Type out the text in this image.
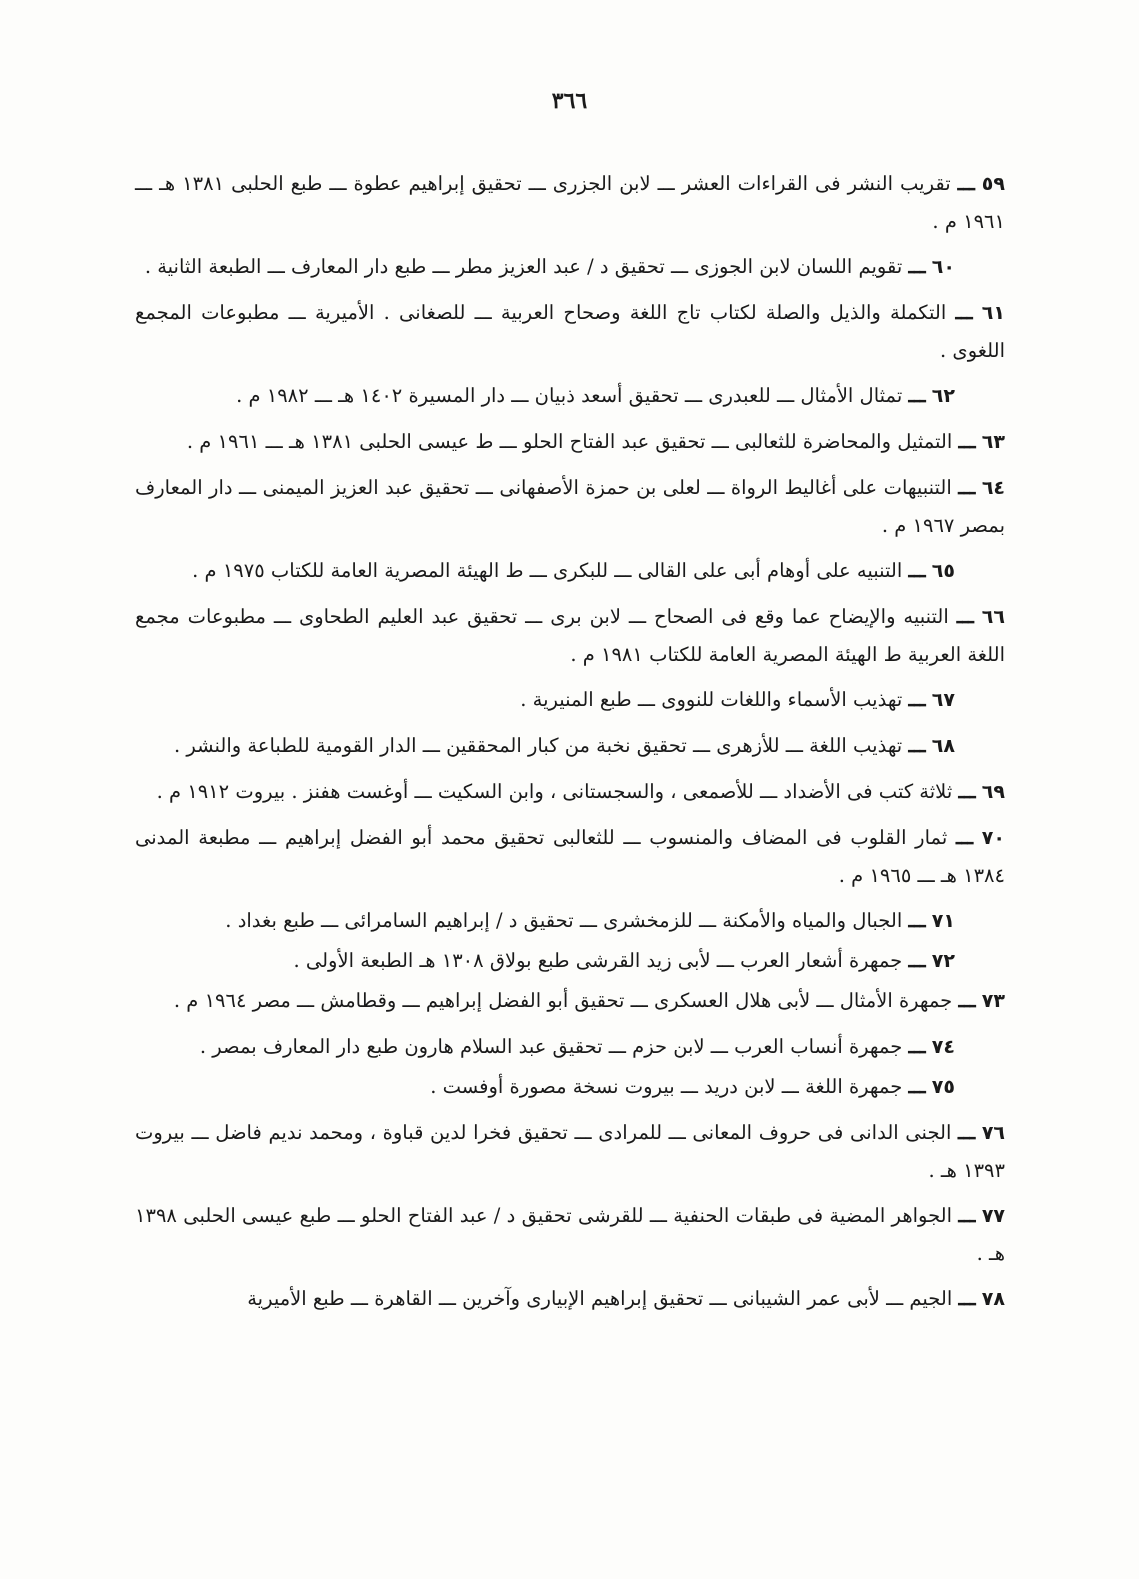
٣٦٦
٥٩ ـــ تقريب النشر فى القراءات العشر ـــ لابن الجزرى ـــ تحقيق إبراهيم عطوة ـــ طبع الحلبى ١٣٨١ هـ ـــ ١٩٦١ م .
٦٠ ـــ تقويم اللسان لابن الجوزى ـــ تحقيق د / عبد العزيز مطر ـــ طبع دار المعارف ـــ الطبعة الثانية .
٦١ ـــ التكملة والذيل والصلة لكتاب تاج اللغة وصحاح العربية ـــ للصغانى . الأميرية ـــ مطبوعات المجمع اللغوى .
٦٢ ـــ تمثال الأمثال ـــ للعبدرى ـــ تحقيق أسعد ذبيان ـــ دار المسيرة ١٤٠٢ هـ ـــ ١٩٨٢ م .
٦٣ ـــ التمثيل والمحاضرة للثعالبى ـــ تحقيق عبد الفتاح الحلو ـــ ط عيسى الحلبى ١٣٨١ هـ ـــ ١٩٦١ م .
٦٤ ـــ التنبيهات على أغاليط الرواة ـــ لعلى بن حمزة الأصفهانى ـــ تحقيق عبد العزيز الميمنى ـــ دار المعارف بمصر ١٩٦٧ م .
٦٥ ـــ التنبيه على أوهام أبى على القالى ـــ للبكرى ـــ ط الهيئة المصرية العامة للكتاب ١٩٧٥ م .
٦٦ ـــ التنبيه والإيضاح عما وقع فى الصحاح ـــ لابن برى ـــ تحقيق عبد العليم الطحاوى ـــ مطبوعات مجمع اللغة العربية ط الهيئة المصرية العامة للكتاب ١٩٨١ م .
٦٧ ـــ تهذيب الأسماء واللغات للنووى ـــ طبع المنيرية .
٦٨ ـــ تهذيب اللغة ـــ للأزهرى ـــ تحقيق نخبة من كبار المحققين ـــ الدار القومية للطباعة والنشر .
٦٩ ـــ ثلاثة كتب فى الأضداد ـــ للأصمعى ، والسجستانى ، وابن السكيت ـــ أوغست هفنز . بيروت ١٩١٢ م .
٧٠ ـــ ثمار القلوب فى المضاف والمنسوب ـــ للثعالبى تحقيق محمد أبو الفضل إبراهيم ـــ مطبعة المدنى ١٣٨٤ هـ ـــ ١٩٦٥ م .
٧١ ـــ الجبال والمياه والأمكنة ـــ للزمخشرى ـــ تحقيق د / إبراهيم السامرائى ـــ طبع بغداد .
٧٢ ـــ جمهرة أشعار العرب ـــ لأبى زيد القرشى طبع بولاق ١٣٠٨ هـ الطبعة الأولى .
٧٣ ـــ جمهرة الأمثال ـــ لأبى هلال العسكرى ـــ تحقيق أبو الفضل إبراهيم ـــ وقطامش ـــ مصر ١٩٦٤ م .
٧٤ ـــ جمهرة أنساب العرب ـــ لابن حزم ـــ تحقيق عبد السلام هارون طبع دار المعارف بمصر .
٧٥ ـــ جمهرة اللغة ـــ لابن دريد ـــ بيروت نسخة مصورة أوفست .
٧٦ ـــ الجنى الدانى فى حروف المعانى ـــ للمرادى ـــ تحقيق فخرا لدين قباوة ، ومحمد نديم فاضل ـــ بيروت ١٣٩٣ هـ .
٧٧ ـــ الجواهر المضية فى طبقات الحنفية ـــ للقرشى تحقيق د / عبد الفتاح الحلو ـــ طبع عيسى الحلبى ١٣٩٨ هـ .
٧٨ ـــ الجيم ـــ لأبى عمر الشيبانى ـــ تحقيق إبراهيم الإبيارى وآخرين ـــ القاهرة ـــ طبع الأميرية
